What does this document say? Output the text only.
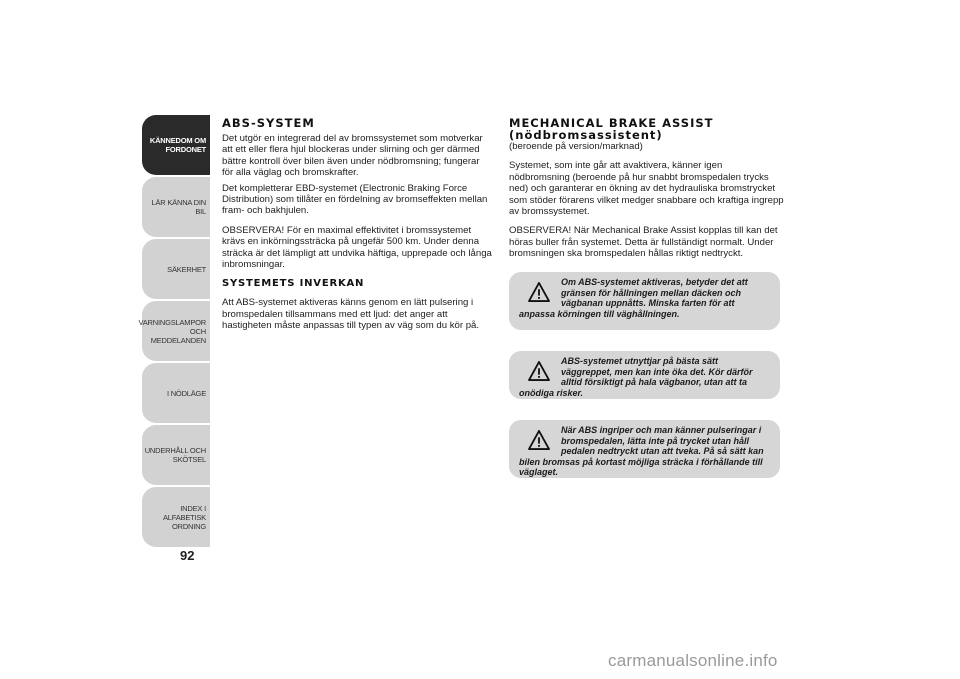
KÄNNEDOM OM
FORDONET
LÄR KÄNNA DIN BIL
SÄKERHET
VARNINGSLAMPOR
OCH MEDDELANDEN
I NÖDLÄGE
UNDERHÅLL OCH
SKÖTSEL
INDEX I ALFABETISK
ORDNING
92
ABS-SYSTEM

Det utgör en integrerad del av bromssystemet som motverkar att ett eller flera hjul blockeras under slirning och ger därmed bättre kontroll över bilen även under nödbromsning; fungerar för alla väglag och bromskrafter.

Det kompletterar EBD-systemet (Electronic Braking Force Distribution) som tillåter en fördelning av bromseffekten mellan fram- och bakhjulen.

OBSERVERA! För en maximal effektivitet i bromssystemet krävs en inkörningssträcka på ungefär 500 km. Under denna sträcka är det lämpligt att undvika häftiga, upprepade och långa inbromsningar.

SYSTEMETS INVERKAN

Att ABS-systemet aktiveras känns genom en lätt pulsering i bromspedalen tillsammans med ett ljud: det anger att hastigheten måste anpassas till typen av väg som du kör på.

MECHANICAL BRAKE ASSIST
(nödbromsassistent)

(beroende på version/marknad)

Systemet, som inte går att avaktivera, känner igen nödbromsning (beroende på hur snabbt bromspedalen trycks ned) och garanterar en ökning av det hydrauliska bromstrycket som stöder förarens vilket medger snabbare och kraftiga ingrepp av bromssystemet.

OBSERVERA! När Mechanical Brake Assist kopplas till kan det höras buller från systemet. Detta är fullständigt normalt. Under bromsningen ska bromspedalen hållas riktigt nedtryckt.

Om ABS-systemet aktiveras, betyder det att gränsen för hållningen mellan däcken och vägbanan uppnåtts. Minska farten för att anpassa körningen till väghållningen.
ABS-systemet utnyttjar på bästa sätt väggreppet, men kan inte öka det. Kör därför alltid försiktigt på hala vägbanor, utan att ta onödiga risker.
När ABS ingriper och man känner pulseringar i bromspedalen, lätta inte på trycket utan håll pedalen nedtryckt utan att tveka. På så sätt kan bilen bromsas på kortast möjliga sträcka i förhållande till väglaget.
carmanualsonline.info
